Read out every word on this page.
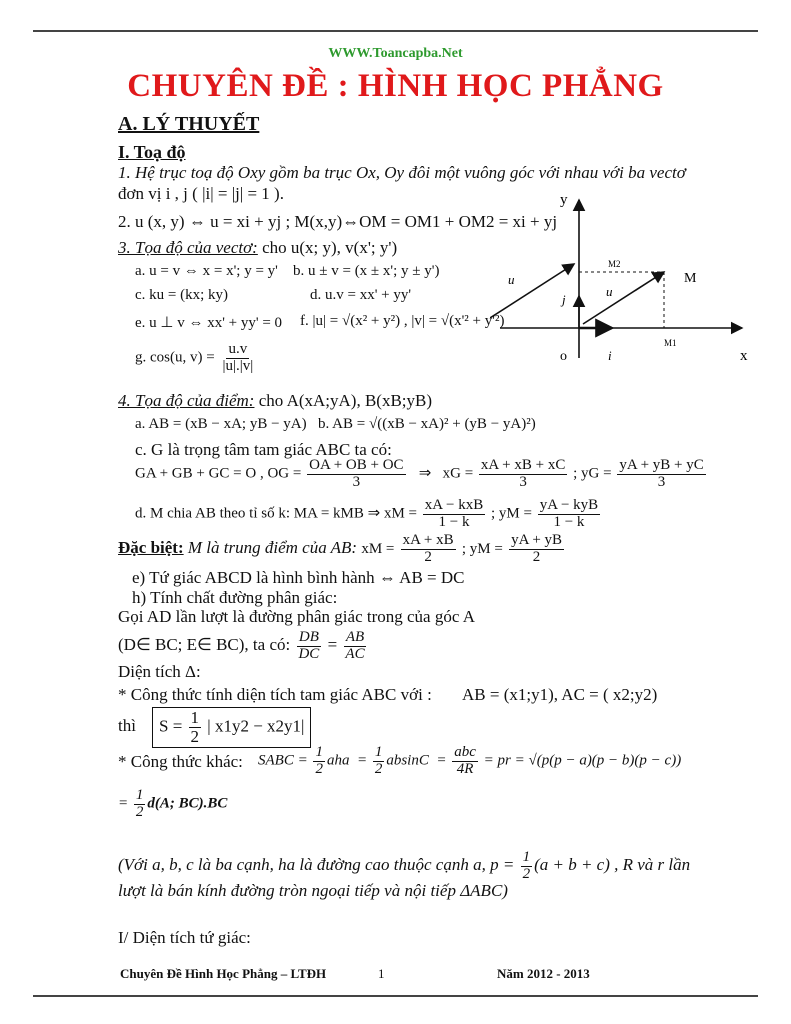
WWW.Toancapba.Net
CHUYÊN ĐỀ : HÌNH HỌC PHẲNG
A. LÝ THUYẾT
I. Toạ độ
1. Hệ trục toạ độ Oxy gồm ba trục Ox, Oy đôi một vuông góc với nhau với ba vectơ
đơn vị i , j ( |i| = |j| = 1 ).
2. u (x, y) ⇔ u = xi + yj ; M(x,y)⇔OM = OM1 + OM2 = xi + yj
3. Tọa độ của vectơ: cho u(x; y), v(x'; y')
a. u = v ⇔ x = x'; y = y' b. u ± v = (x ± x'; y ± y')
c. ku = (kx; ky)	d. u.v = xx' + yy'
e. u ⊥ v ⇔ xx' + yy' = 0 f. |u| = √(x² + y²) , |v| = √(x'² + y'²)
g. cos(u, $v) = \frac{u.v}{|u|.|v|}$
y
x
o
M
M2
M1
u
u
j
i
4. Tọa độ của điểm: cho A(xA;yA), B(xB;yB)
a. AB = (xB − xA; yB − yA) b. AB = √((xB − xA)² + (yB − yA)²)
c. G là trọng tâm tam giác ABC ta có:
GA + GB + GC = O , OG = $\frac{OA + OB + OC}{3}$ ⇒ xG = $\frac{xA + xB + xC}{3}$ ; yG = $\frac{yA + yB + yC}{3}$
d. M chia AB theo tỉ số k: MA = kMB ⇒ xM = $\frac{\text{xA − kxB}}{1 - k}$ ; yM = $\frac{\text{yA − kyB}}{1 - k}$
Đặc biệt: M là trung điểm của AB: xM = $\frac{xA + xB}{2}$ ; yM = $\frac{yA + yB}{2}$
e) Tứ giác ABCD là hình bình hành ⇔ AB = DC
h) Tính chất đường phân giác:
Gọi AD lần lượt là đường phân giác trong của góc A
(D∈ BC; E∈ BC), ta có: $\frac{DB}{DC} = \frac{AB}{AC}$
Diện tích Δ:
* Công thức tính diện tích tam giác ABC với : AB = (x1;y1), AC = ( x2;y2)
thì	$S = \frac{1}{2}$ | x1y2 − x2y1|
* Công thức khác: SABC = $\frac{1}{2}$ aha = $\frac{1}{2}$ $absinC = \frac{\text{abc}}{4R}$ = pr = √(p(p − a)(p − b)(p − c))
= $\frac{1}{2} d(A$; BC).BC
(Với a, b, c là ba cạnh, ha là đường cao thuộc cạnh a, $p = \frac{1}{2} (a + b + c)$ , R và r lần
lượt là bán kính đường tròn ngoại tiếp và nội tiếp ΔABC)
I/ Diện tích tứ giác:
Chuyên Đề Hình Học Phẳng – LTĐH	1	Năm 2012 - 2013
